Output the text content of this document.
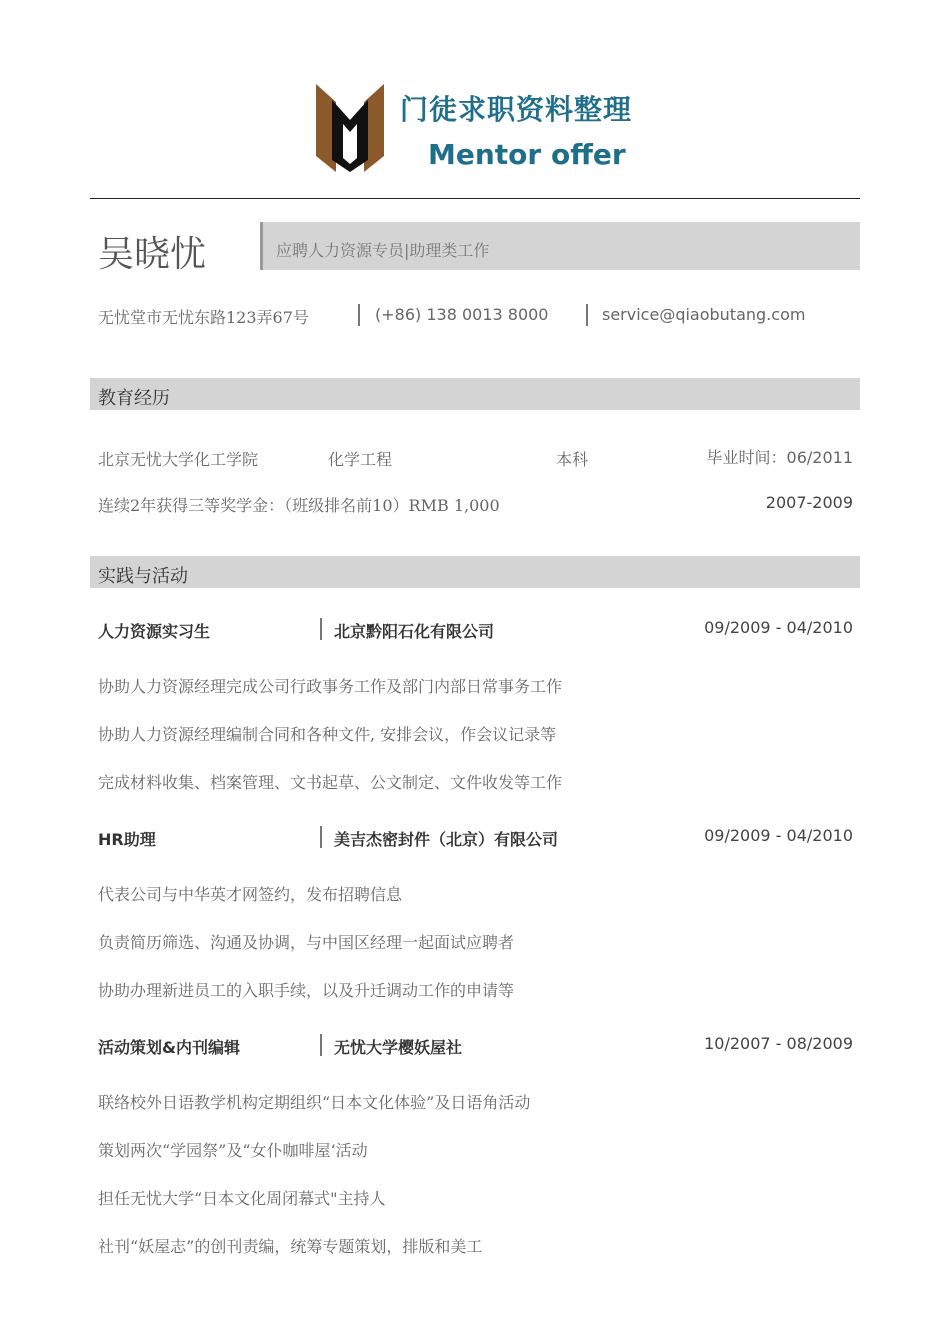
门徒求职资料整理
Mentor offer
吴晓忧	应聘人力资源专员|助理类工作
无忧堂市无忧东路123弄67号	(+86) 138 0013 8000	service@qiaobutang.com
教育经历
北京无忧大学化工学院	化学工程	本科	毕业时间：06/2011
连续2年获得三等奖学金：（班级排名前10）RMB 1,000	2007-2009
实践与活动
人力资源实习生	北京黔阳石化有限公司	09/2009 - 04/2010
协助人力资源经理完成公司行政事务工作及部门内部日常事务工作
协助人力资源经理编制合同和各种文件, 安排会议，作会议记录等
完成材料收集、档案管理、文书起草、公文制定、文件收发等工作
HR助理	美吉杰密封件（北京）有限公司	09/2009 - 04/2010
代表公司与中华英才网签约，发布招聘信息
负责简历筛选、沟通及协调，与中国区经理一起面试应聘者
协助办理新进员工的入职手续，以及升迁调动工作的申请等
活动策划&内刊编辑	无忧大学樱妖屋社	10/2007 - 08/2009
联络校外日语教学机构定期组织“日本文化体验”及日语角活动
策划两次“学园祭”及“女仆咖啡屋‘活动
担任无忧大学“日本文化周闭幕式"主持人
社刊“妖屋志”的创刊责编，统筹专题策划，排版和美工
